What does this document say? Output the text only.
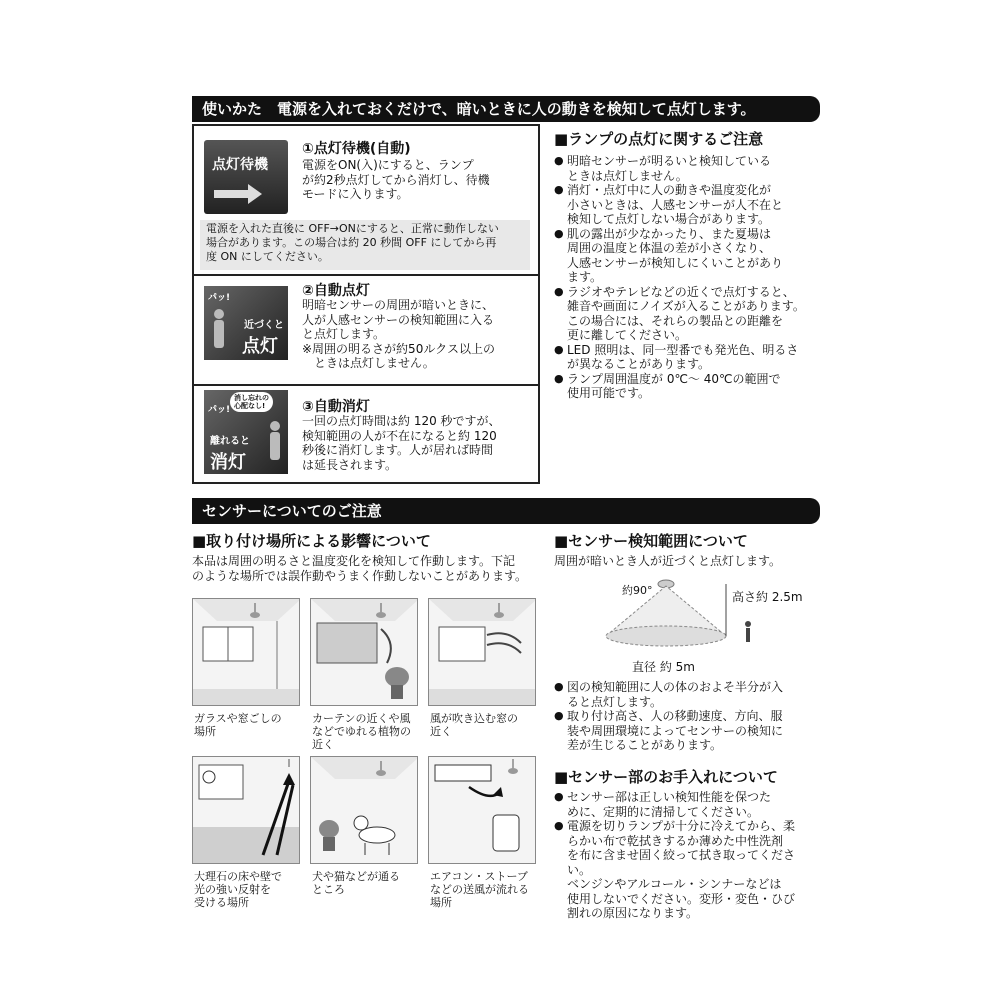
使いかた　電源を入れておくだけで、暗いときに人の動きを検知して点灯します。
点灯待機
①点灯待機(自動)
電源をON(入)にすると、ランプ
が約2秒点灯してから消灯し、待機
モードに入ります。
電源を入れた直後に OFF→ONにすると、正常に動作しない
場合があります。この場合は約 20 秒間 OFF にしてから再
度 ON にしてください。
パッ!
近づくと
点灯
②自動点灯
明暗センサーの周囲が暗いときに、
人が人感センサーの検知範囲に入る
と点灯します。
※周囲の明るさが約50ルクス以上の
　ときは点灯しません。
パッ!
消し忘れの
心配なし!
離れると
消灯
③自動消灯
一回の点灯時間は約 120 秒ですが、
検知範囲の人が不在になると約 120
秒後に消灯します。人が居れば時間
は延長されます。
■ランプの点灯に関するご注意
● 明暗センサーが明るいと検知している
ときは点灯しません。
● 消灯・点灯中に人の動きや温度変化が
小さいときは、人感センサーが人不在と
検知して点灯しない場合があります。
● 肌の露出が少なかったり、また夏場は
周囲の温度と体温の差が小さくなり、
人感センサーが検知しにくいことがあり
ます。
● ラジオやテレビなどの近くで点灯すると、
雑音や画面にノイズが入ることがあります。
この場合には、それらの製品との距離を
更に離してください。
● LED 照明は、同一型番でも発光色、明るさ
が異なることがあります。
● ランプ周囲温度が 0℃〜 40℃の範囲で
使用可能です。
センサーについてのご注意
■取り付け場所による影響について
本品は周囲の明るさと温度変化を検知して作動します。下記
のような場所では誤作動やうまく作動しないことがあります。
ガラスや窓ごしの
場所
カーテンの近くや風
などでゆれる植物の
近く
風が吹き込む窓の
近く
大理石の床や壁で
光の強い反射を
受ける場所
犬や猫などが通る
ところ
エアコン・ストーブ
などの送風が流れる
場所
■センサー検知範囲について
周囲が暗いとき人が近づくと点灯します。
約90°	高さ約 2.5m
直径 約 5m
● 図の検知範囲に人の体のおよそ半分が入
ると点灯します。
● 取り付け高さ、人の移動速度、方向、服
装や周囲環境によってセンサーの検知に
差が生じることがあります。
■センサー部のお手入れについて
● センサー部は正しい検知性能を保つた
めに、定期的に清掃してください。
● 電源を切りランプが十分に冷えてから、柔
らかい布で乾拭きするか薄めた中性洗剤
を布に含ませ固く絞って拭き取ってください。
ベンジンやアルコール・シンナーなどは
使用しないでください。変形・変色・ひび
割れの原因になります。
